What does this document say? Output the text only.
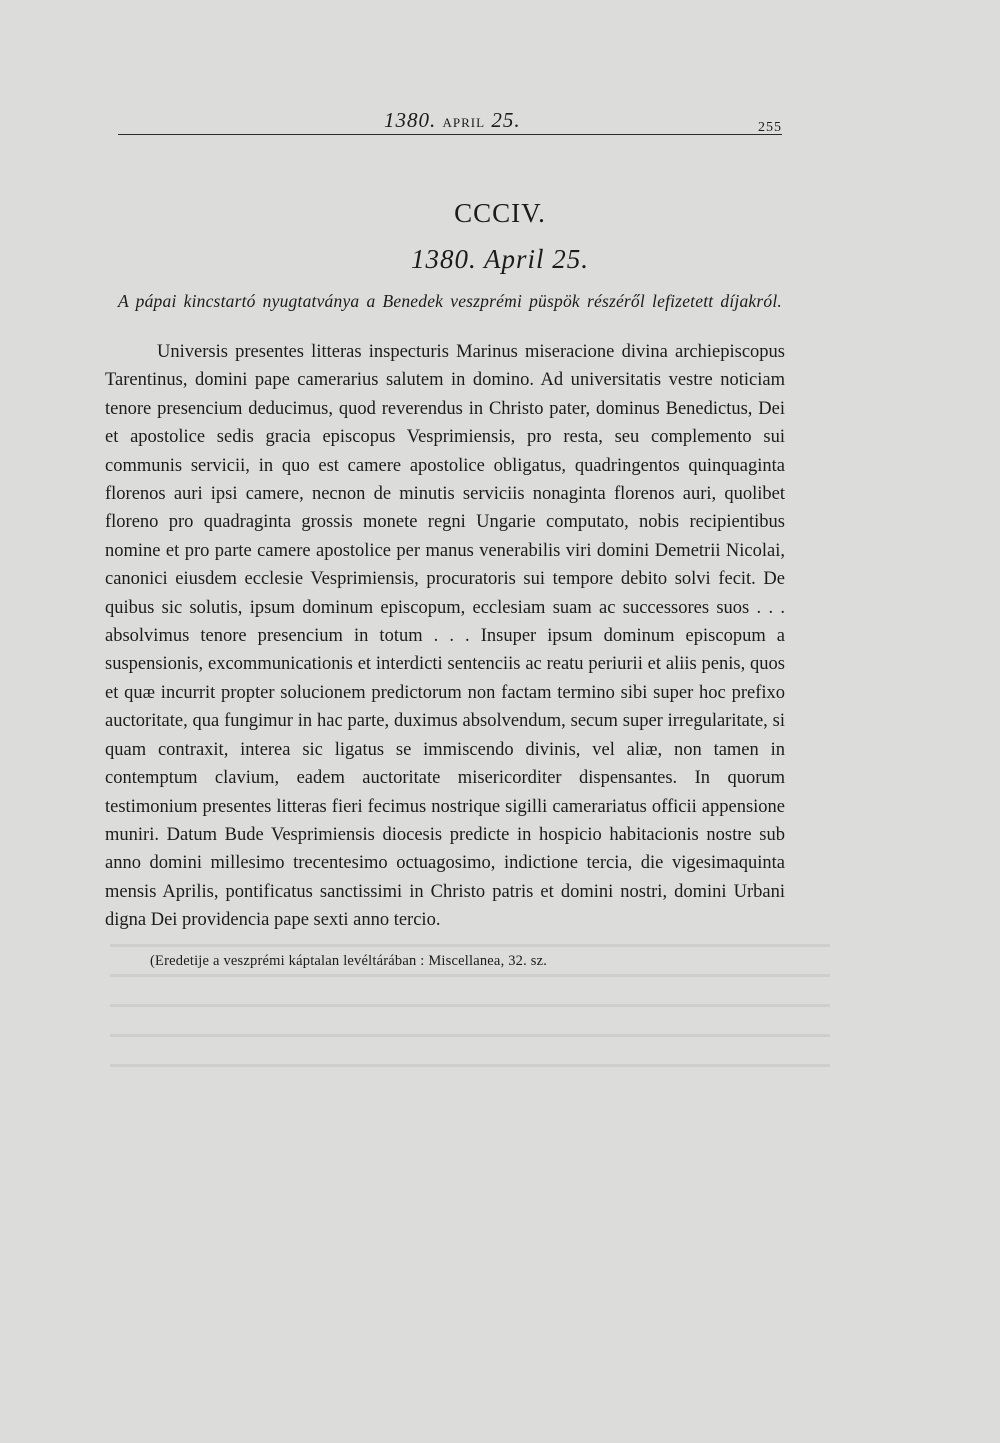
1380. APRIL 25.	255
CCCIV.
1380. April 25.
A pápai kincstartó nyugtatványa a Benedek veszprémi püspök részéről lefizetett díjakról.

Universis presentes litteras inspecturis Marinus miseracione divina archiepiscopus Tarentinus, domini pape camerarius salutem in domino. Ad universitatis vestre noticiam tenore presencium deducimus, quod reverendus in Christo pater, dominus Benedictus, Dei et apostolice sedis gracia episcopus Vesprimiensis, pro resta, seu complemento sui communis servicii, in quo est camere apostolice obligatus, quadringentos quinquaginta florenos auri ipsi camere, necnon de minutis serviciis nonaginta florenos auri, quolibet floreno pro quadraginta grossis monete regni Ungarie computato, nobis recipientibus nomine et pro parte camere apostolice per manus venerabilis viri domini Demetrii Nicolai, canonici eiusdem ecclesie Vesprimiensis, procuratoris sui tempore debito solvi fecit. De quibus sic solutis, ipsum dominum episcopum, ecclesiam suam ac successores suos . . . absolvimus tenore presencium in totum . . . Insuper ipsum dominum episcopum a suspensionis, excommunicationis et interdicti sentenciis ac reatu periurii et aliis penis, quos et quæ incurrit propter solucionem predictorum non factam termino sibi super hoc prefixo auctoritate, qua fungimur in hac parte, duximus absolvendum, secum super irregularitate, si quam contraxit, interea sic ligatus se immiscendo divinis, vel aliæ, non tamen in contemptum clavium, eadem auctoritate misericorditer dispensantes. In quorum testimonium presentes litteras fieri fecimus nostrique sigilli camerariatus officii appensione muniri. Datum Bude Vesprimiensis diocesis predicte in hospicio habitacionis nostre sub anno domini millesimo trecentesimo octuagosimo, indictione tercia, die vigesimaquinta mensis Aprilis, pontificatus sanctissimi in Christo patris et domini nostri, domini Urbani digna Dei providencia pape sexti anno tercio.

(Eredetije a veszprémi káptalan levéltárában : Miscellanea, 32. sz.
